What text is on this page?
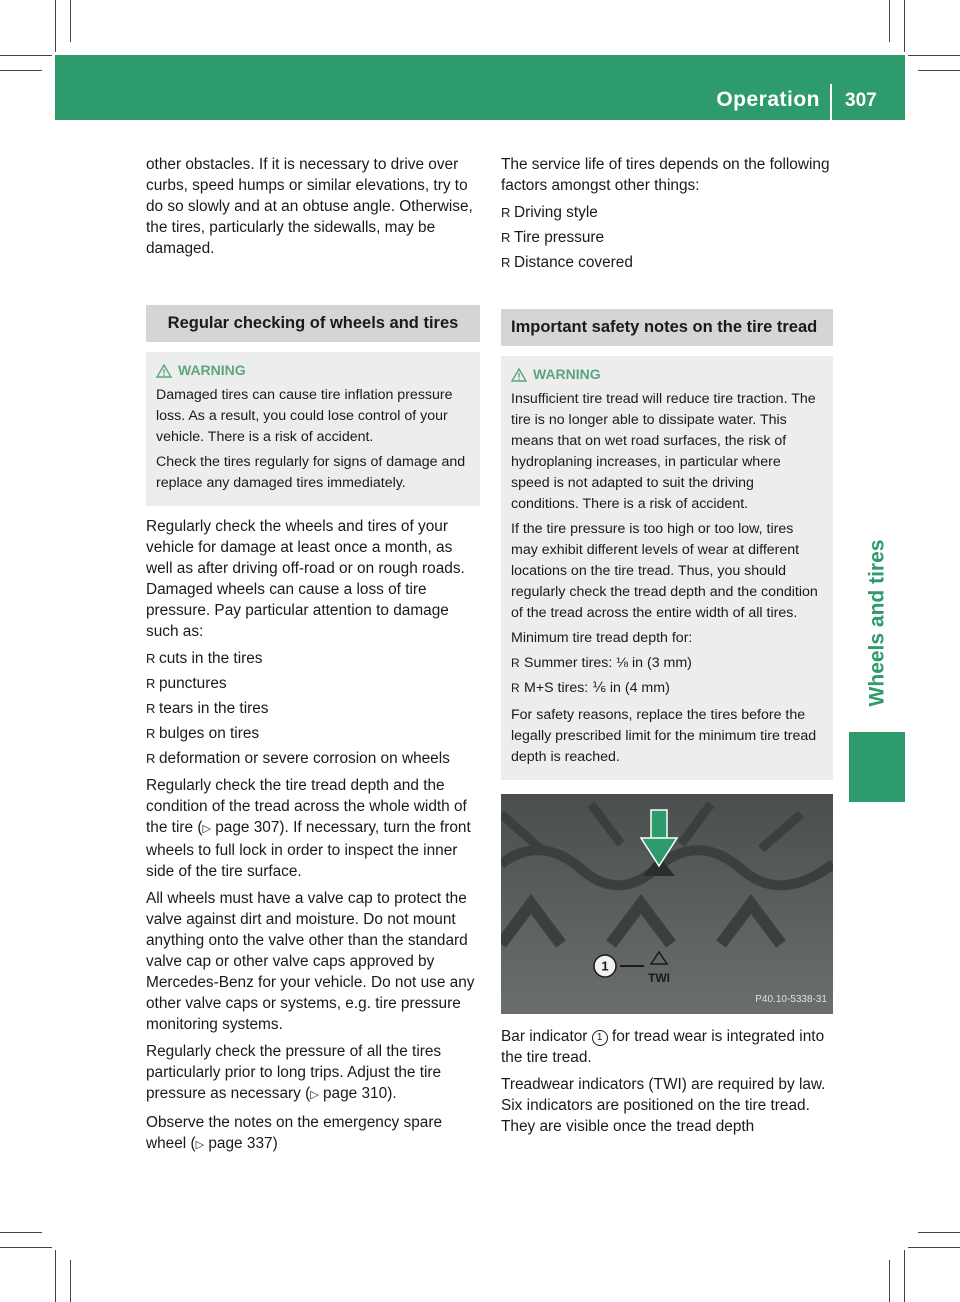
Operation 307
Wheels and tires

other obstacles. If it is necessary to drive over curbs, speed humps or similar elevations, try to do so slowly and at an obtuse angle. Otherwise, the tires, particularly the sidewalls, may be damaged.

Regular checking of wheels and tires
WARNING

Damaged tires can cause tire inflation pressure loss. As a result, you could lose control of your vehicle. There is a risk of accident.

Check the tires regularly for signs of damage and replace any damaged tires immediately.

Regularly check the wheels and tires of your vehicle for damage at least once a month, as well as after driving off-road or on rough roads. Damaged wheels can cause a loss of tire pressure. Pay particular attention to damage such as:

R cuts in the tires
R punctures
R tears in the tires
R bulges on tires
R deformation or severe corrosion on wheels

Regularly check the tire tread depth and the condition of the tread across the whole width of the tire (▷ page 307). If necessary, turn the front wheels to full lock in order to inspect the inner side of the tire surface.

All wheels must have a valve cap to protect the valve against dirt and moisture. Do not mount anything onto the valve other than the standard valve cap or other valve caps approved by Mercedes-Benz for your vehicle. Do not use any other valve caps or systems, e.g. tire pressure monitoring systems.

Regularly check the pressure of all the tires particularly prior to long trips. Adjust the tire pressure as necessary (▷ page 310).

Observe the notes on the emergency spare wheel (▷ page 337)

The service life of tires depends on the following factors amongst other things:

R Driving style
R Tire pressure
R Distance covered
Important safety notes on the tire tread
WARNING

Insufficient tire tread will reduce tire traction. The tire is no longer able to dissipate water. This means that on wet road surfaces, the risk of hydroplaning increases, in particular where speed is not adapted to suit the driving conditions. There is a risk of accident.

If the tire pressure is too high or too low, tires may exhibit different levels of wear at different locations on the tire tread. Thus, you should regularly check the tread depth and the condition of the tread across the entire width of all tires.

Minimum tire tread depth for:

R Summer tires: ⅛ in (3 mm)
R M+S tires: ⅙ in (4 mm)

For safety reasons, replace the tires before the legally prescribed limit for the minimum tire tread depth is reached.

1
TWI
P40.10-5338-31

Bar indicator 1 for tread wear is integrated into the tire tread.

Treadwear indicators (TWI) are required by law. Six indicators are positioned on the tire tread. They are visible once the tread depth
